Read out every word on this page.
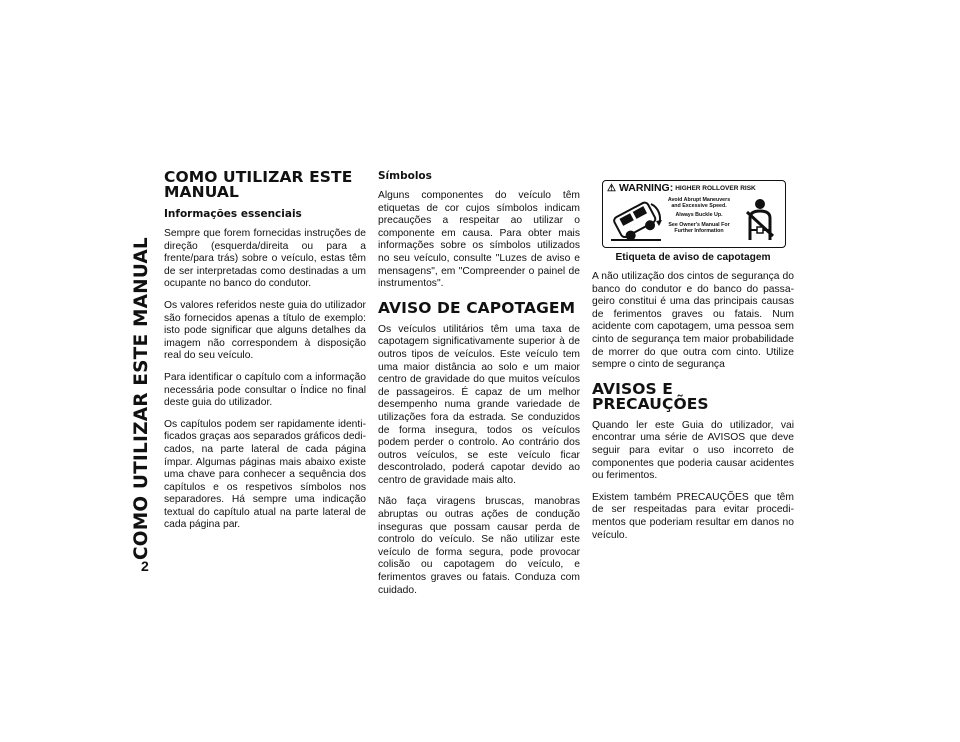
COMO UTILIZAR ESTE MANUAL
2
COMO UTILIZAR ESTE MANUAL
Informações essenciais

Sempre que forem fornecidas instruções de direção (esquerda/direita ou para a frente/para trás) sobre o veículo, estas têm de ser interpretadas como destinadas a um ocupante no banco do condutor.

Os valores referidos neste guia do utilizador são fornecidos apenas a título de exemplo: isto pode significar que alguns detalhes da imagem não correspondem à disposição real do seu veículo.

Para identificar o capítulo com a informação necessária pode consultar o Índice no final deste guia do utilizador.

Os capítulos podem ser rapidamente identificados graças aos separados gráficos dedicados, na parte lateral de cada página ímpar. Algumas páginas mais abaixo existe uma chave para conhecer a sequência dos capítulos e os respetivos símbolos nos separadores. Há sempre uma indicação textual do capítulo atual na parte lateral de cada página par.

Símbolos

Alguns componentes do veículo têm etiquetas de cor cujos símbolos indicam precauções a respeitar ao utilizar o componente em causa. Para obter mais informações sobre os símbolos utilizados no seu veículo, consulte "Luzes de aviso e mensagens", em "Compreender o painel de instrumentos".

AVISO DE CAPOTAGEM

Os veículos utilitários têm uma taxa de capotagem significativamente superior à de outros tipos de veículos. Este veículo tem uma maior distância ao solo e um maior centro de gravidade do que muitos veículos de passageiros. É capaz de um melhor desempenho numa grande variedade de utilizações fora da estrada. Se conduzidos de forma insegura, todos os veículos podem perder o controlo. Ao contrário dos outros veículos, se este veículo ficar descontrolado, poderá capotar devido ao centro de gravidade mais alto.

Não faça viragens bruscas, manobras abruptas ou outras ações de condução inseguras que possam causar perda de controlo do veículo. Se não utilizar este veículo de forma segura, pode provocar colisão ou capotagem do veículo, e ferimentos graves ou fatais. Conduza com cuidado.

⚠ WARNING: HIGHER ROLLOVER RISK
Avoid Abrupt Maneuvers and Excessive Speed.
Always Buckle Up.
See Owner's Manual For Further Information
Etiqueta de aviso de capotagem

A não utilização dos cintos de segurança do banco do condutor e do banco do passageiro constitui é uma das principais causas de ferimentos graves ou fatais. Num acidente com capotagem, uma pessoa sem cinto de segurança tem maior probabilidade de morrer do que outra com cinto. Utilize sempre o cinto de segurança

AVISOS E PRECAUÇÕES

Quando ler este Guia do utilizador, vai encontrar uma série de AVISOS que deve seguir para evitar o uso incorreto de componentes que poderia causar acidentes ou ferimentos.

Existem também PRECAUÇÕES que têm de ser respeitadas para evitar procedimentos que poderiam resultar em danos no veículo.
